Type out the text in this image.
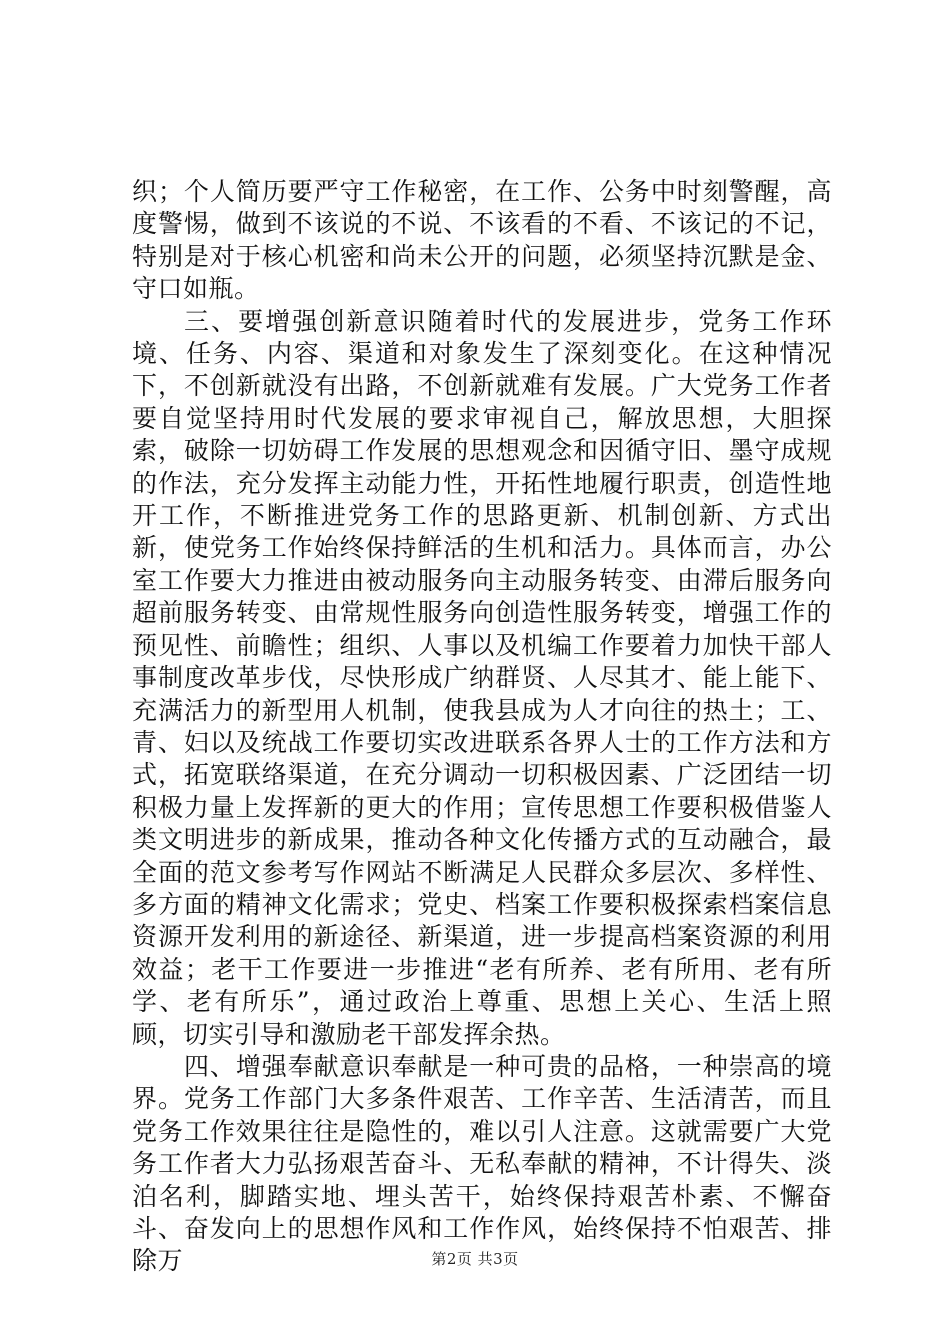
织；个人简历要严守工作秘密，在工作、公务中时刻警醒，高度警惕，做到不该说的不说、不该看的不看、不该记的不记，特别是对于核心机密和尚未公开的问题，必须坚持沉默是金、守口如瓶。

三、要增强创新意识随着时代的发展进步，党务工作环境、任务、内容、渠道和对象发生了深刻变化。在这种情况下，不创新就没有出路，不创新就难有发展。广大党务工作者要自觉坚持用时代发展的要求审视自己，解放思想，大胆探索，破除一切妨碍工作发展的思想观念和因循守旧、墨守成规的作法，充分发挥主动能力性，开拓性地履行职责，创造性地开工作，不断推进党务工作的思路更新、机制创新、方式出新，使党务工作始终保持鲜活的生机和活力。具体而言，办公室工作要大力推进由被动服务向主动服务转变、由滞后服务向超前服务转变、由常规性服务向创造性服务转变，增强工作的预见性、前瞻性；组织、人事以及机编工作要着力加快干部人事制度改革步伐，尽快形成广纳群贤、人尽其才、能上能下、充满活力的新型用人机制，使我县成为人才向往的热土；工、青、妇以及统战工作要切实改进联系各界人士的工作方法和方式，拓宽联络渠道，在充分调动一切积极因素、广泛团结一切积极力量上发挥新的更大的作用；宣传思想工作要积极借鉴人类文明进步的新成果，推动各种文化传播方式的互动融合，最全面的范文参考写作网站不断满足人民群众多层次、多样性、多方面的精神文化需求；党史、档案工作要积极探索档案信息资源开发利用的新途径、新渠道，进一步提高档案资源的利用效益；老干工作要进一步推进“老有所养、老有所用、老有所学、老有所乐”，通过政治上尊重、思想上关心、生活上照顾，切实引导和激励老干部发挥余热。

四、增强奉献意识奉献是一种可贵的品格，一种崇高的境界。党务工作部门大多条件艰苦、工作辛苦、生活清苦，而且党务工作效果往往是隐性的，难以引人注意。这就需要广大党务工作者大力弘扬艰苦奋斗、无私奉献的精神，不计得失、淡泊名利，脚踏实地、埋头苦干，始终保持艰苦朴素、不懈奋斗、奋发向上的思想作风和工作作风，始终保持不怕艰苦、排除万	第2页 共3页
